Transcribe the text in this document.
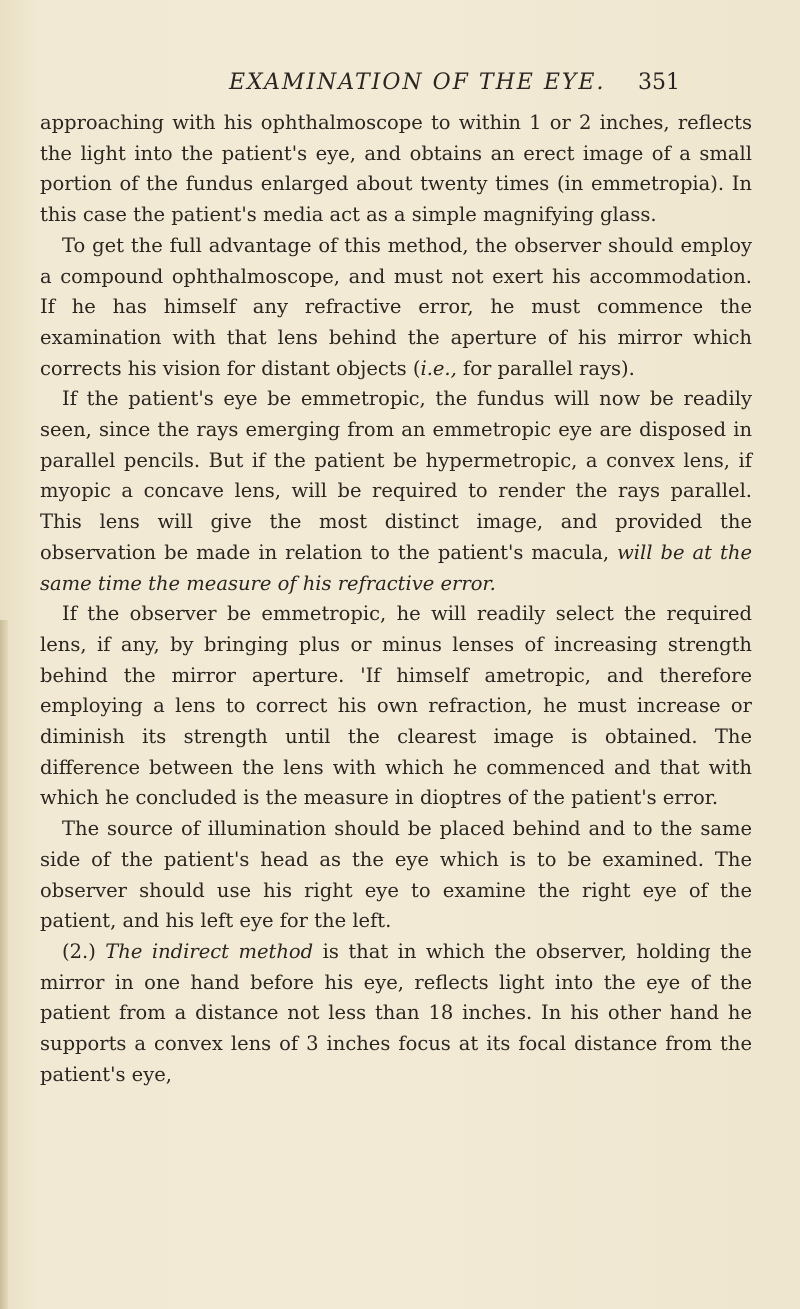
EXAMINATION OF THE EYE. 351

approaching with his ophthalmoscope to within 1 or 2 inches, reflects the light into the patient's eye, and obtains an erect image of a small portion of the fundus enlarged about twenty times (in emmetropia). In this case the patient's media act as a simple magnifying glass.

To get the full advantage of this method, the observer should employ a compound ophthalmoscope, and must not exert his accommodation. If he has himself any refractive error, he must commence the examination with that lens behind the aperture of his mirror which corrects his vision for distant objects (i.e., for parallel rays).

If the patient's eye be emmetropic, the fundus will now be readily seen, since the rays emerging from an emmetropic eye are disposed in parallel pencils. But if the patient be hypermetropic, a convex lens, if myopic a concave lens, will be required to render the rays parallel. This lens will give the most distinct image, and provided the observation be made in relation to the patient's macula, will be at the same time the measure of his refractive error.

If the observer be emmetropic, he will readily select the required lens, if any, by bringing plus or minus lenses of increasing strength behind the mirror aperture. 'If himself ametropic, and therefore employing a lens to correct his own refraction, he must increase or diminish its strength until the clearest image is obtained. The difference between the lens with which he commenced and that with which he concluded is the measure in dioptres of the patient's error.

The source of illumination should be placed behind and to the same side of the patient's head as the eye which is to be examined. The observer should use his right eye to examine the right eye of the patient, and his left eye for the left.

(2.) The indirect method is that in which the observer, holding the mirror in one hand before his eye, reflects light into the eye of the patient from a distance not less than 18 inches. In his other hand he supports a convex lens of 3 inches focus at its focal distance from the patient's eye,
